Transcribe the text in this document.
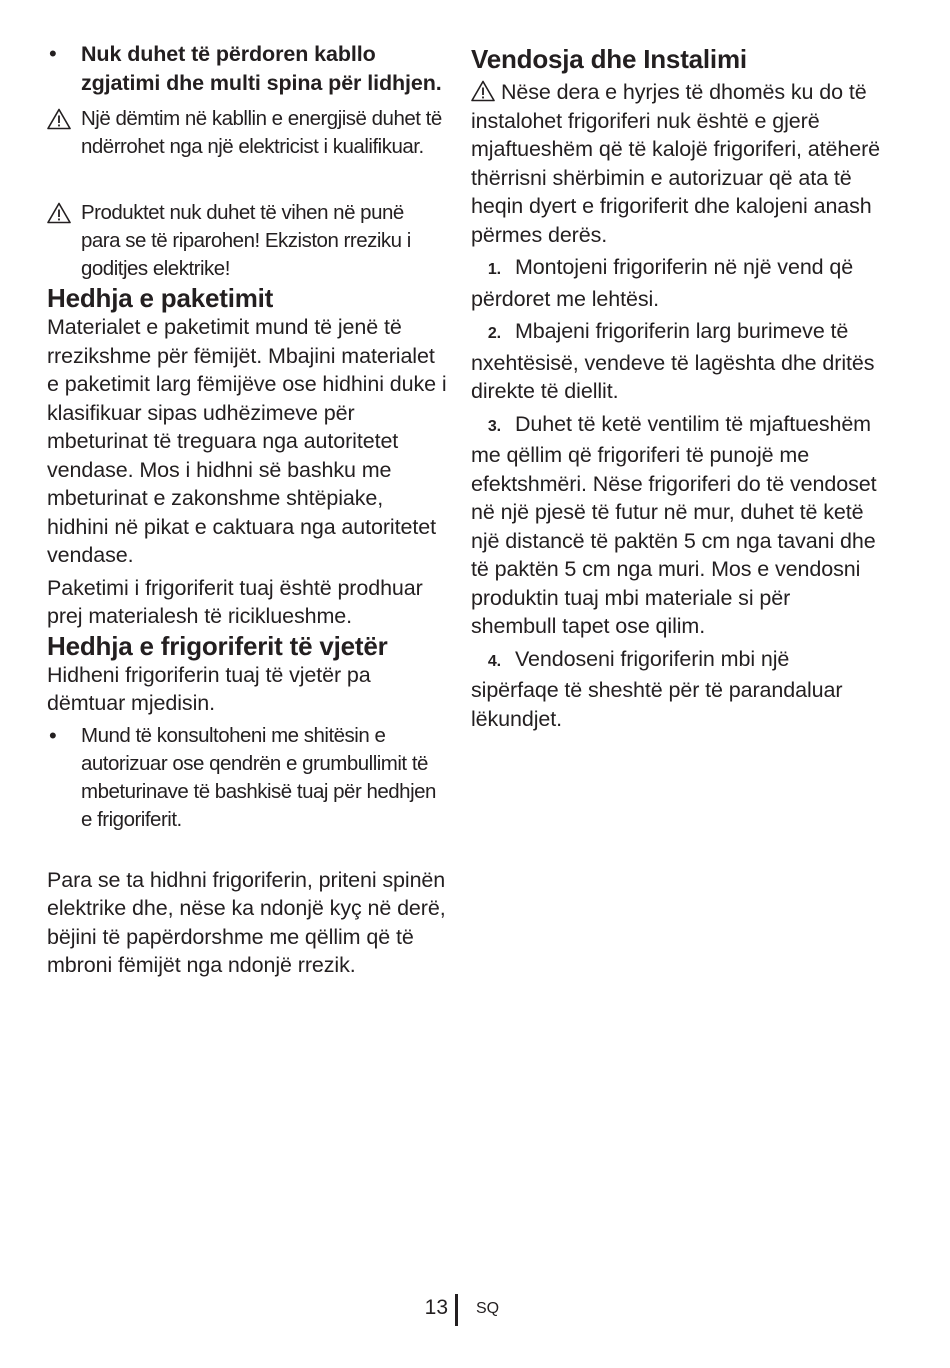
• Nuk duhet të përdoren kabllo zgjatimi dhe multi spina për lidhjen.

Një dëmtim në kabllin e energjisë duhet të ndërrohet nga një elektricist i kualifikuar.

Produktet nuk duhet të vihen në punë para se të riparohen! Ekziston rreziku i goditjes elektrike!

Hedhja e paketimit

Materialet e paketimit mund të jenë të rrezikshme për fëmijët. Mbajini materialet e paketimit larg fëmijëve ose hidhini duke i klasifikuar sipas udhëzimeve për mbeturinat të treguara nga autoritetet vendase. Mos i hidhni së bashku me mbeturinat e zakonshme shtëpiake, hidhini në pikat e caktuara nga autoritetet vendase.

Paketimi i frigoriferit tuaj është prodhuar prej materialesh të riciklueshme.

Hedhja e frigoriferit të vjetër

Hidheni frigoriferin tuaj të vjetër pa dëmtuar mjedisin.

• Mund të konsultoheni me shitësin e autorizuar ose qendrën e grumbullimit të mbeturinave të bashkisë tuaj për hedhjen e frigoriferit.

Para se ta hidhni frigoriferin, priteni spinën elektrike dhe, nëse ka ndonjë kyç në derë, bëjini të papërdorshme me qëllim që të mbroni fëmijët nga ndonjë rrezik.

Vendosja dhe Instalimi

Nëse dera e hyrjes të dhomës ku do të instalohet frigoriferi nuk është e gjerë mjaftueshëm që të kalojë frigoriferi, atëherë thërrisni shërbimin e autorizuar që ata të heqin dyert e frigoriferit dhe kalojeni anash përmes derës.

1. Montojeni frigoriferin në një vend që përdoret me lehtësi.

2. Mbajeni frigoriferin larg burimeve të nxehtësisë, vendeve të lagështa dhe dritës direkte të diellit.

3. Duhet të ketë ventilim të mjaftueshëm me qëllim që frigoriferi të punojë me efektshmëri. Nëse frigoriferi do të vendoset në një pjesë të futur në mur, duhet të ketë një distancë të paktën 5 cm nga tavani dhe të paktën 5 cm nga muri. Mos e vendosni produktin tuaj mbi materiale si për shembull tapet ose qilim.

4. Vendoseni frigoriferin mbi një sipërfaqe të sheshtë për të parandaluar lëkundjet.

13 SQ
